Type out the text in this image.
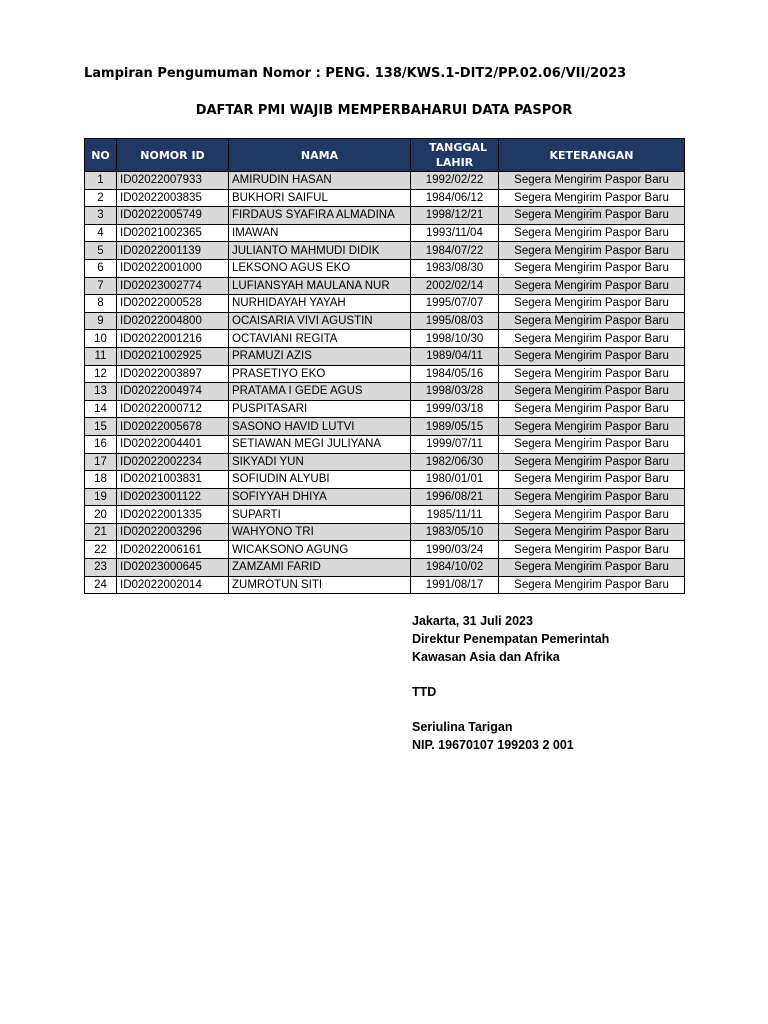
Lampiran Pengumuman Nomor : PENG. 138/KWS.1-DIT2/PP.02.06/VII/2023
DAFTAR PMI WAJIB MEMPERBAHARUI DATA PASPOR
NO	NOMOR ID	NAMA	TANGGAL LAHIR	KETERANGAN
1	ID02022007933	AMIRUDIN HASAN	1992/02/22	Segera Mengirim Paspor Baru
2	ID02022003835	BUKHORI SAIFUL	1984/06/12	Segera Mengirim Paspor Baru
3	ID02022005749	FIRDAUS SYAFIRA ALMADINA	1998/12/21	Segera Mengirim Paspor Baru
4	ID02021002365	IMAWAN	1993/11/04	Segera Mengirim Paspor Baru
5	ID02022001139	JULIANTO MAHMUDI DIDIK	1984/07/22	Segera Mengirim Paspor Baru
6	ID02022001000	LEKSONO AGUS EKO	1983/08/30	Segera Mengirim Paspor Baru
7	ID02023002774	LUFIANSYAH MAULANA NUR	2002/02/14	Segera Mengirim Paspor Baru
8	ID02022000528	NURHIDAYAH YAYAH	1995/07/07	Segera Mengirim Paspor Baru
9	ID02022004800	OCAISARIA VIVI AGUSTIN	1995/08/03	Segera Mengirim Paspor Baru
10	ID02022001216	OCTAVIANI REGITA	1998/10/30	Segera Mengirim Paspor Baru
11	ID02021002925	PRAMUZI AZIS	1989/04/11	Segera Mengirim Paspor Baru
12	ID02022003897	PRASETIYO EKO	1984/05/16	Segera Mengirim Paspor Baru
13	ID02022004974	PRATAMA I GEDE AGUS	1998/03/28	Segera Mengirim Paspor Baru
14	ID02022000712	PUSPITASARI	1999/03/18	Segera Mengirim Paspor Baru
15	ID02022005678	SASONO HAVID LUTVI	1989/05/15	Segera Mengirim Paspor Baru
16	ID02022004401	SETIAWAN MEGI JULIYANA	1999/07/11	Segera Mengirim Paspor Baru
17	ID02022002234	SIKYADI YUN	1982/06/30	Segera Mengirim Paspor Baru
18	ID02021003831	SOFIUDIN ALYUBI	1980/01/01	Segera Mengirim Paspor Baru
19	ID02023001122	SOFIYYAH DHIYA	1996/08/21	Segera Mengirim Paspor Baru
20	ID02022001335	SUPARTI	1985/11/11	Segera Mengirim Paspor Baru
21	ID02022003296	WAHYONO TRI	1983/05/10	Segera Mengirim Paspor Baru
22	ID02022006161	WICAKSONO AGUNG	1990/03/24	Segera Mengirim Paspor Baru
23	ID02023000645	ZAMZAMI FARID	1984/10/02	Segera Mengirim Paspor Baru
24	ID02022002014	ZUMROTUN SITI	1991/08/17	Segera Mengirim Paspor Baru
Jakarta, 31 Juli 2023
Direktur Penempatan Pemerintah
Kawasan Asia dan Afrika
TTD
Seriulina Tarigan
NIP. 19670107 199203 2 001
